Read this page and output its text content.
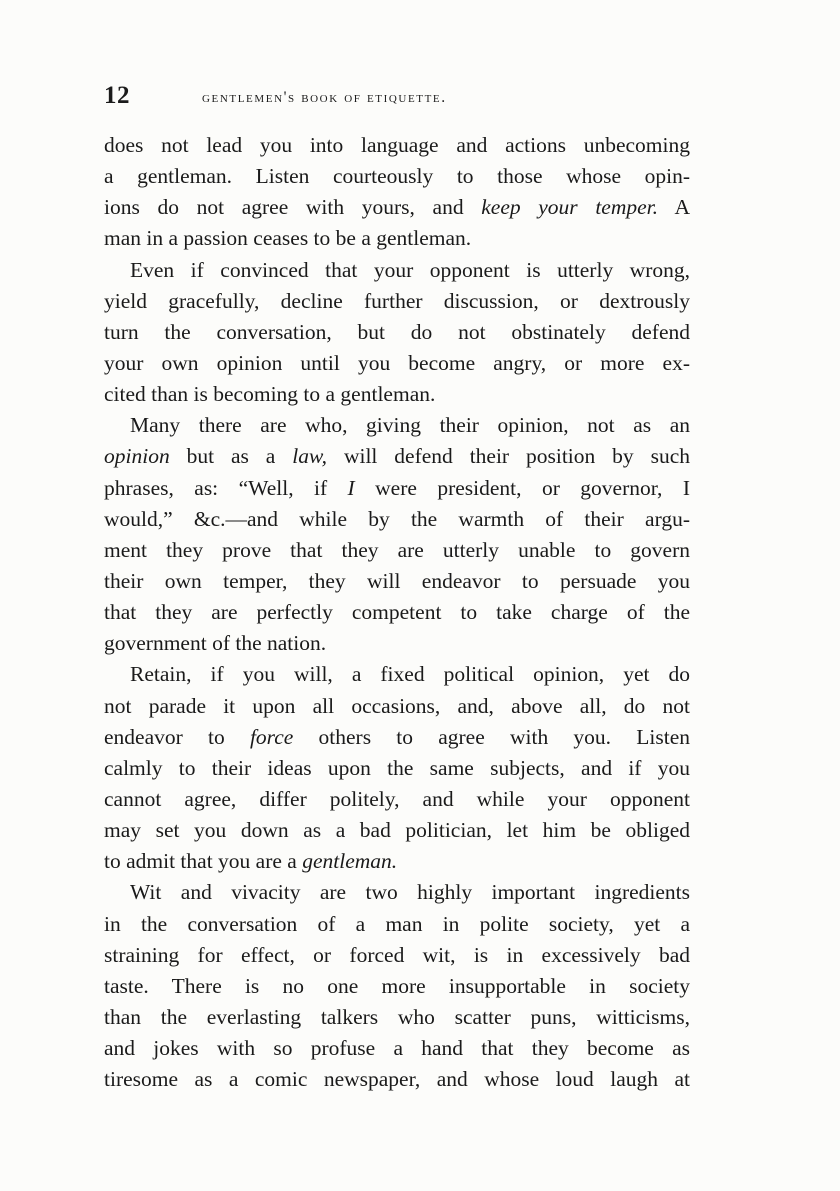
12	gentlemen's book of etiquette.
does not lead you into language and actions unbecoming
a gentleman. Listen courteously to those whose opin-
ions do not agree with yours, and keep your temper. A
man in a passion ceases to be a gentleman.
Even if convinced that your opponent is utterly wrong,
yield gracefully, decline further discussion, or dextrously
turn the conversation, but do not obstinately defend
your own opinion until you become angry, or more ex-
cited than is becoming to a gentleman.
Many there are who, giving their opinion, not as an
opinion but as a law, will defend their position by such
phrases, as: “Well, if I were president, or governor, I
would,” &c.—and while by the warmth of their argu-
ment they prove that they are utterly unable to govern
their own temper, they will endeavor to persuade you
that they are perfectly competent to take charge of the
government of the nation.
Retain, if you will, a fixed political opinion, yet do
not parade it upon all occasions, and, above all, do not
endeavor to force others to agree with you. Listen
calmly to their ideas upon the same subjects, and if you
cannot agree, differ politely, and while your opponent
may set you down as a bad politician, let him be obliged
to admit that you are a gentleman.
Wit and vivacity are two highly important ingredients
in the conversation of a man in polite society, yet a
straining for effect, or forced wit, is in excessively bad
taste. There is no one more insupportable in society
than the everlasting talkers who scatter puns, witticisms,
and jokes with so profuse a hand that they become as
tiresome as a comic newspaper, and whose loud laugh at
